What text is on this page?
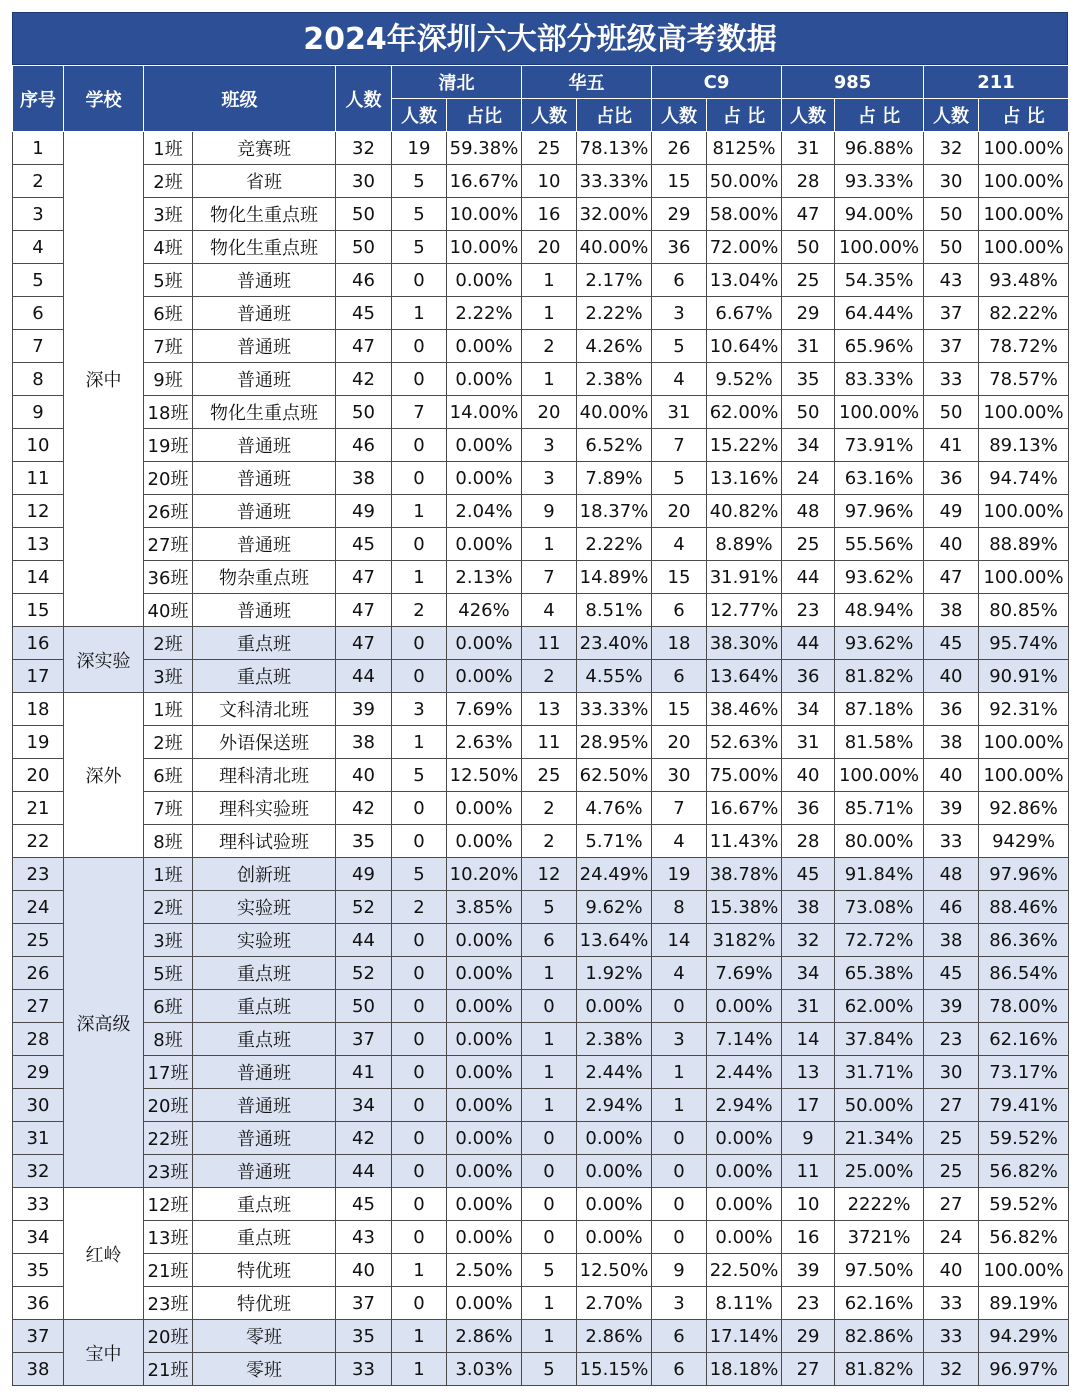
2024年深圳六大部分班级高考数据
序号	学校	班级		人数	清北		华五		C9		985		211	
					人数	占比	人数	占比	人数	占 比	人数	占 比	人数	占 比
1	深中	1班	竞赛班	32	19	59.38%	25	78.13%	26	8125%	31	96.88%	32	100.00%
2		2班	省班	30	5	16.67%	10	33.33%	15	50.00%	28	93.33%	30	100.00%
3		3班	物化生重点班	50	5	10.00%	16	32.00%	29	58.00%	47	94.00%	50	100.00%
4		4班	物化生重点班	50	5	10.00%	20	40.00%	36	72.00%	50	100.00%	50	100.00%
5		5班	普通班	46	0	0.00%	1	2.17%	6	13.04%	25	54.35%	43	93.48%
6		6班	普通班	45	1	2.22%	1	2.22%	3	6.67%	29	64.44%	37	82.22%
7		7班	普通班	47	0	0.00%	2	4.26%	5	10.64%	31	65.96%	37	78.72%
8		9班	普通班	42	0	0.00%	1	2.38%	4	9.52%	35	83.33%	33	78.57%
9		18班	物化生重点班	50	7	14.00%	20	40.00%	31	62.00%	50	100.00%	50	100.00%
10		19班	普通班	46	0	0.00%	3	6.52%	7	15.22%	34	73.91%	41	89.13%
11		20班	普通班	38	0	0.00%	3	7.89%	5	13.16%	24	63.16%	36	94.74%
12		26班	普通班	49	1	2.04%	9	18.37%	20	40.82%	48	97.96%	49	100.00%
13		27班	普通班	45	0	0.00%	1	2.22%	4	8.89%	25	55.56%	40	88.89%
14		36班	物杂重点班	47	1	2.13%	7	14.89%	15	31.91%	44	93.62%	47	100.00%
15		40班	普通班	47	2	426%	4	8.51%	6	12.77%	23	48.94%	38	80.85%
16	深实验	2班	重点班	47	0	0.00%	11	23.40%	18	38.30%	44	93.62%	45	95.74%
17		3班	重点班	44	0	0.00%	2	4.55%	6	13.64%	36	81.82%	40	90.91%
18	深外	1班	文科清北班	39	3	7.69%	13	33.33%	15	38.46%	34	87.18%	36	92.31%
19		2班	外语保送班	38	1	2.63%	11	28.95%	20	52.63%	31	81.58%	38	100.00%
20		6班	理科清北班	40	5	12.50%	25	62.50%	30	75.00%	40	100.00%	40	100.00%
21		7班	理科实验班	42	0	0.00%	2	4.76%	7	16.67%	36	85.71%	39	92.86%
22		8班	理科试验班	35	0	0.00%	2	5.71%	4	11.43%	28	80.00%	33	9429%
23	深高级	1班	创新班	49	5	10.20%	12	24.49%	19	38.78%	45	91.84%	48	97.96%
24		2班	实验班	52	2	3.85%	5	9.62%	8	15.38%	38	73.08%	46	88.46%
25		3班	实验班	44	0	0.00%	6	13.64%	14	3182%	32	72.72%	38	86.36%
26		5班	重点班	52	0	0.00%	1	1.92%	4	7.69%	34	65.38%	45	86.54%
27		6班	重点班	50	0	0.00%	0	0.00%	0	0.00%	31	62.00%	39	78.00%
28		8班	重点班	37	0	0.00%	1	2.38%	3	7.14%	14	37.84%	23	62.16%
29		17班	普通班	41	0	0.00%	1	2.44%	1	2.44%	13	31.71%	30	73.17%
30		20班	普通班	34	0	0.00%	1	2.94%	1	2.94%	17	50.00%	27	79.41%
31		22班	普通班	42	0	0.00%	0	0.00%	0	0.00%	9	21.34%	25	59.52%
32		23班	普通班	44	0	0.00%	0	0.00%	0	0.00%	11	25.00%	25	56.82%
33	红岭	12班	重点班	45	0	0.00%	0	0.00%	0	0.00%	10	2222%	27	59.52%
34		13班	重点班	43	0	0.00%	0	0.00%	0	0.00%	16	3721%	24	56.82%
35		21班	特优班	40	1	2.50%	5	12.50%	9	22.50%	39	97.50%	40	100.00%
36		23班	特优班	37	0	0.00%	1	2.70%	3	8.11%	23	62.16%	33	89.19%
37	宝中	20班	零班	35	1	2.86%	1	2.86%	6	17.14%	29	82.86%	33	94.29%
38		21班	零班	33	1	3.03%	5	15.15%	6	18.18%	27	81.82%	32	96.97%
